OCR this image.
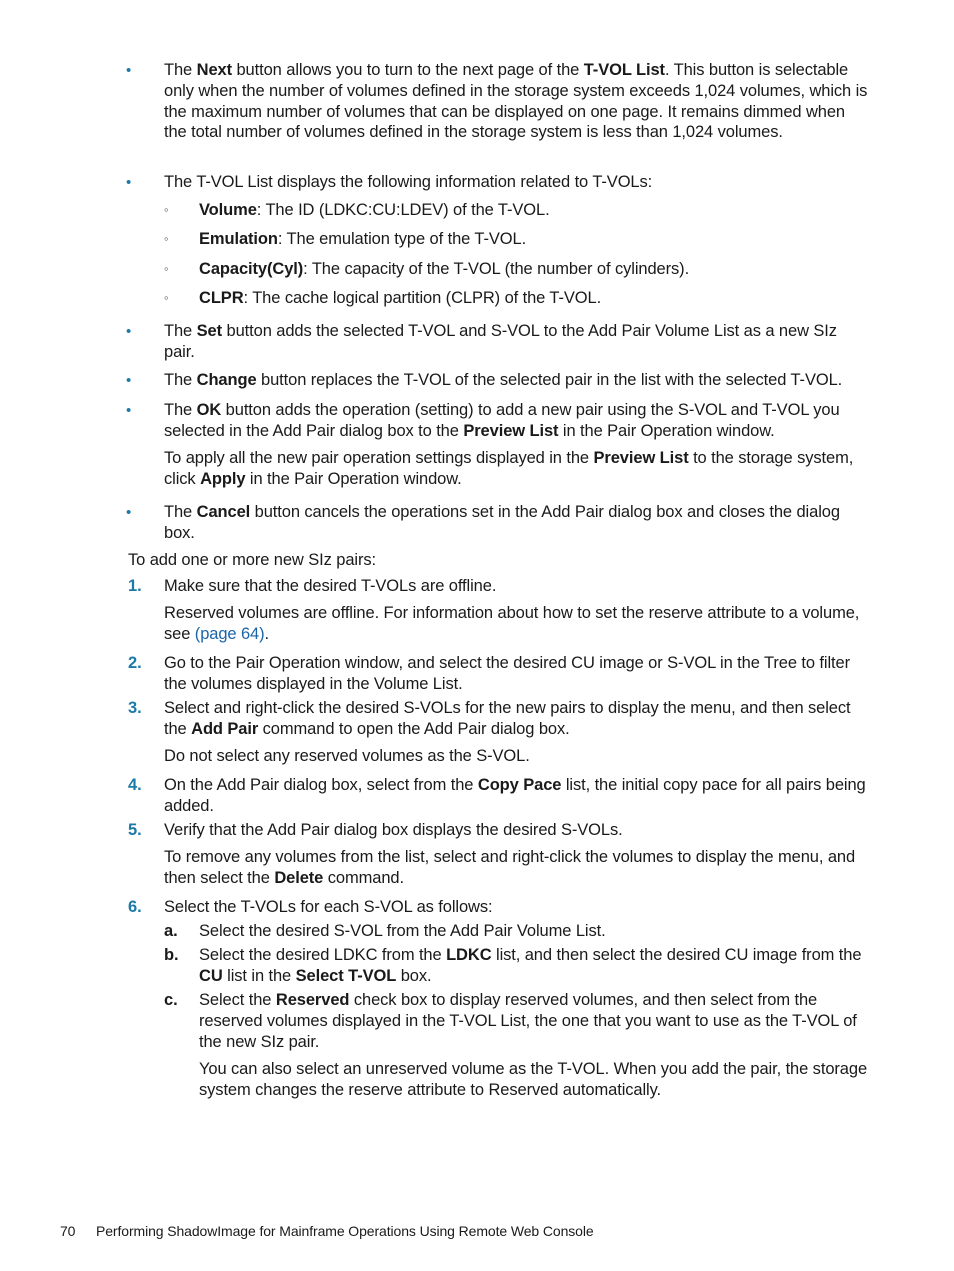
• The Next button allows you to turn to the next page of the T-VOL List. This button is selectable only when the number of volumes defined in the storage system exceeds 1,024 volumes, which is the maximum number of volumes that can be displayed on one page. It remains dimmed when the total number of volumes defined in the storage system is less than 1,024 volumes.
• The T-VOL List displays the following information related to T-VOLs:
◦ Volume: The ID (LDKC:CU:LDEV) of the T-VOL.
◦ Emulation: The emulation type of the T-VOL.
◦ Capacity(Cyl): The capacity of the T-VOL (the number of cylinders).
◦ CLPR: The cache logical partition (CLPR) of the T-VOL.
• The Set button adds the selected T-VOL and S-VOL to the Add Pair Volume List as a new SIz pair.
• The Change button replaces the T-VOL of the selected pair in the list with the selected T-VOL.
• The OK button adds the operation (setting) to add a new pair using the S-VOL and T-VOL you selected in the Add Pair dialog box to the Preview List in the Pair Operation window.
To apply all the new pair operation settings displayed in the Preview List to the storage system, click Apply in the Pair Operation window.
• The Cancel button cancels the operations set in the Add Pair dialog box and closes the dialog box.
To add one or more new SIz pairs:
1. Make sure that the desired T-VOLs are offline.
Reserved volumes are offline. For information about how to set the reserve attribute to a volume, see (page 64).
2. Go to the Pair Operation window, and select the desired CU image or S-VOL in the Tree to filter the volumes displayed in the Volume List.
3. Select and right-click the desired S-VOLs for the new pairs to display the menu, and then select the Add Pair command to open the Add Pair dialog box.
Do not select any reserved volumes as the S-VOL.
4. On the Add Pair dialog box, select from the Copy Pace list, the initial copy pace for all pairs being added.
5. Verify that the Add Pair dialog box displays the desired S-VOLs.
To remove any volumes from the list, select and right-click the volumes to display the menu, and then select the Delete command.
6. Select the T-VOLs for each S-VOL as follows:
a. Select the desired S-VOL from the Add Pair Volume List.
b. Select the desired LDKC from the LDKC list, and then select the desired CU image from the CU list in the Select T-VOL box.
c. Select the Reserved check box to display reserved volumes, and then select from the reserved volumes displayed in the T-VOL List, the one that you want to use as the T-VOL of the new SIz pair.
You can also select an unreserved volume as the T-VOL. When you add the pair, the storage system changes the reserve attribute to Reserved automatically.
70 Performing ShadowImage for Mainframe Operations Using Remote Web Console
